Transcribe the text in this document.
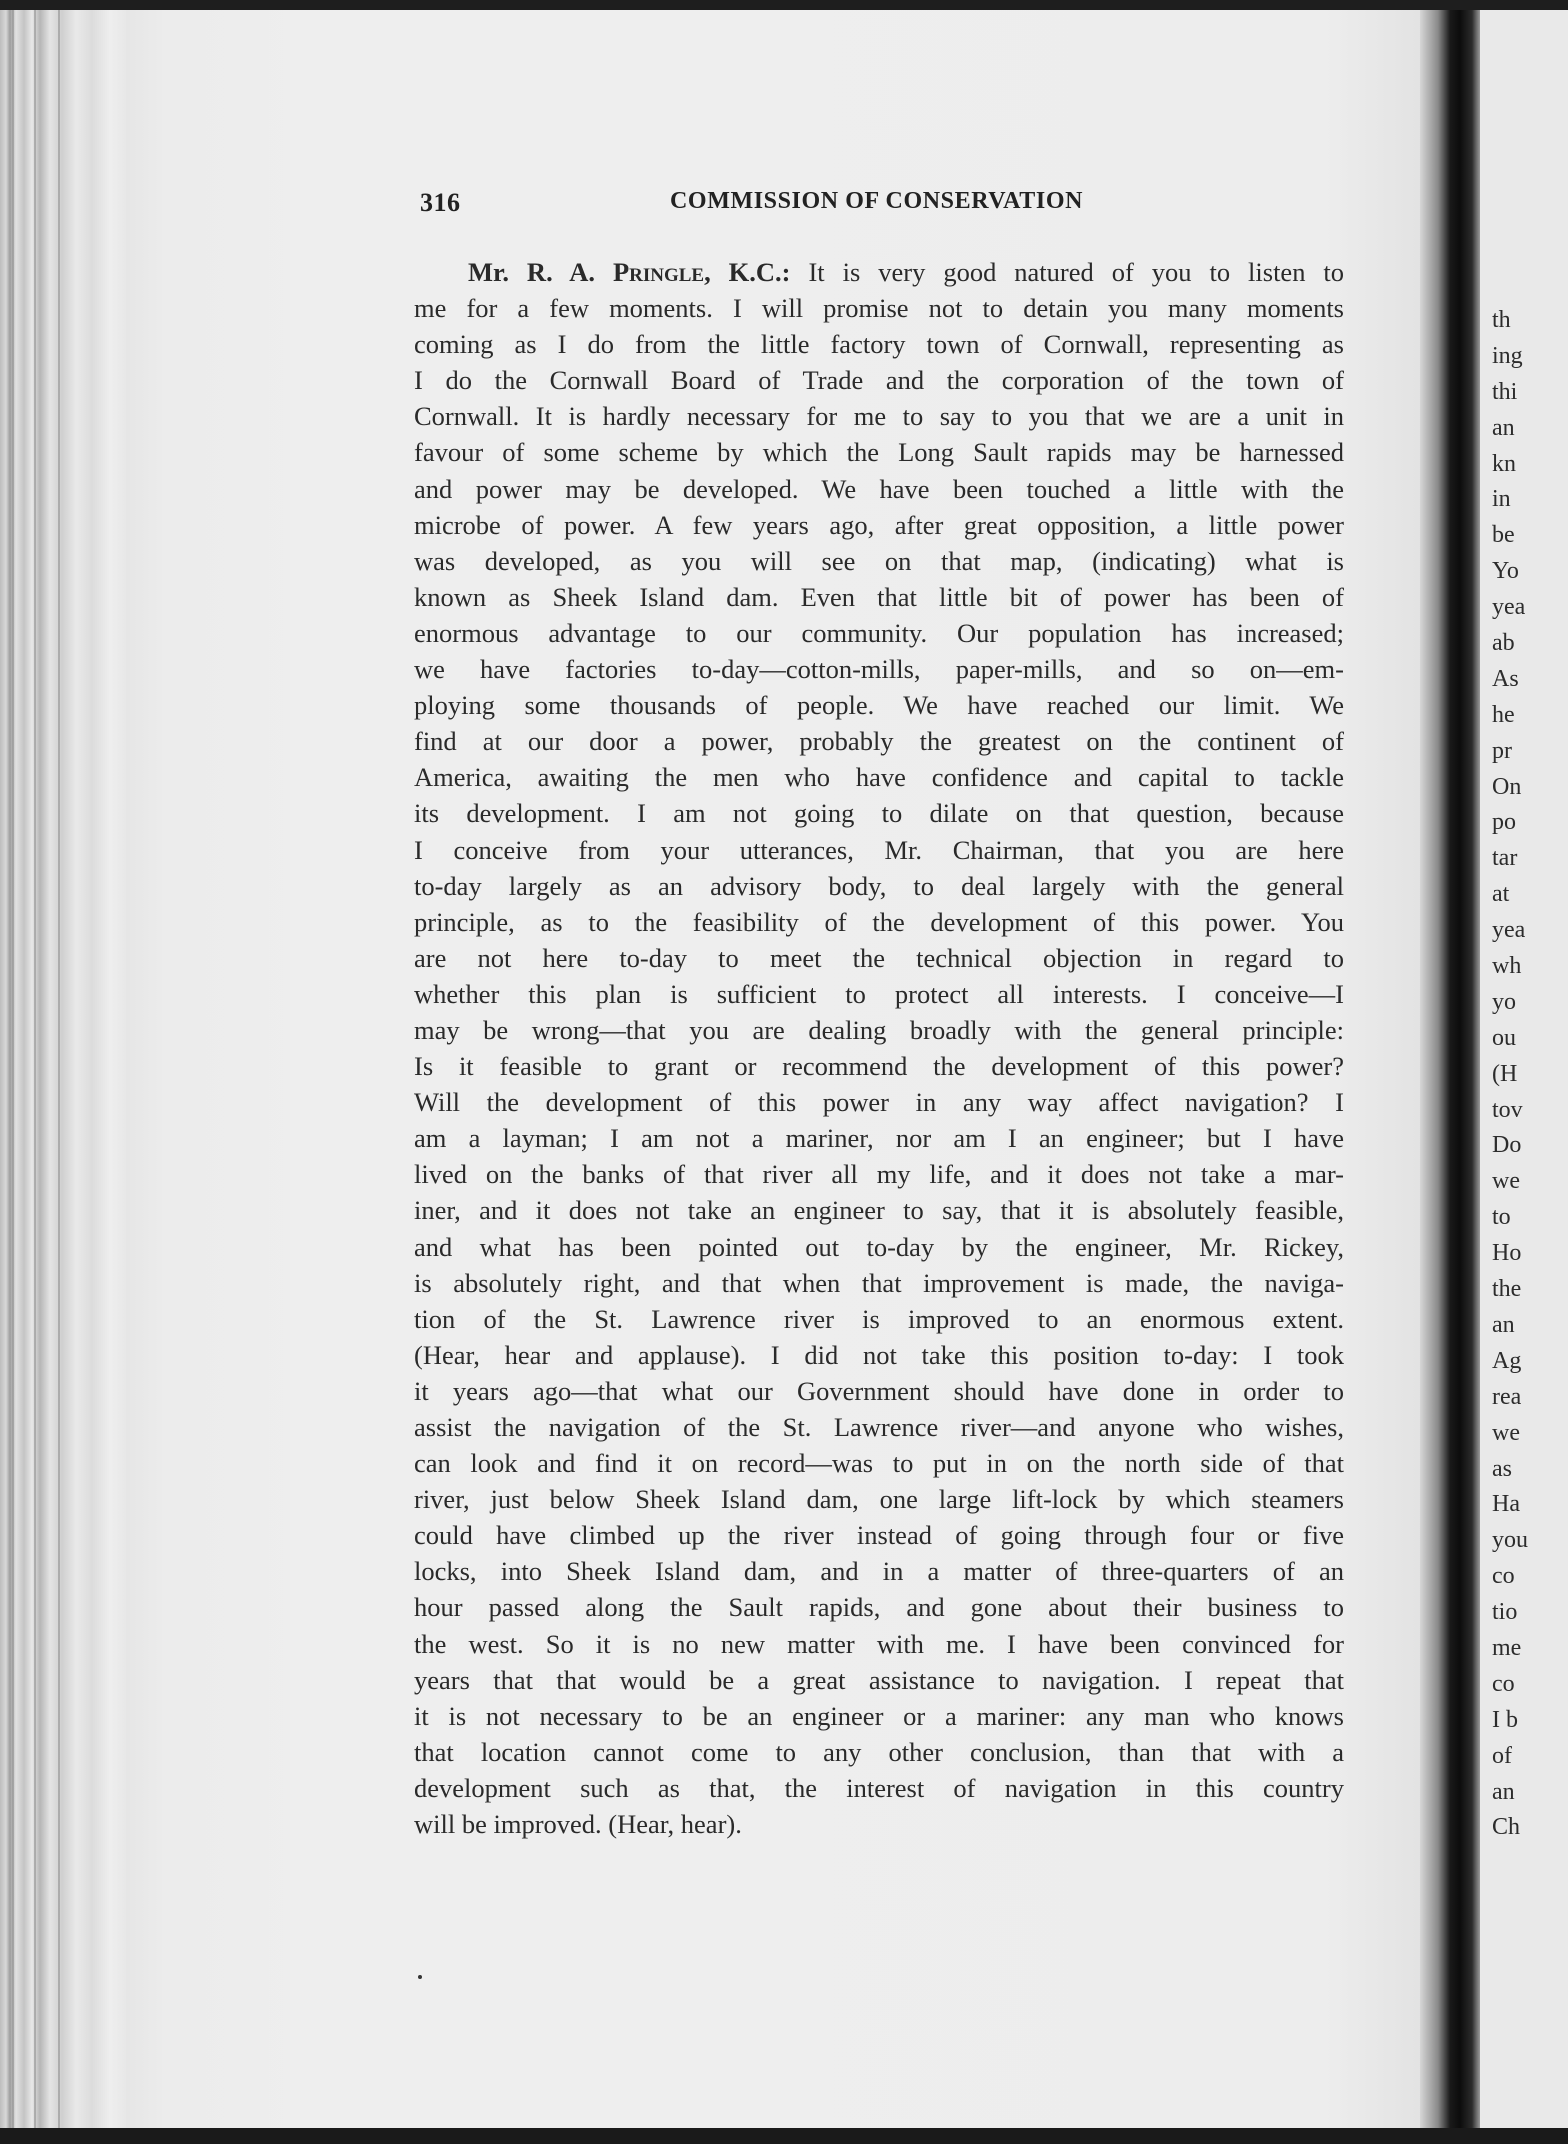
316	COMMISSION OF CONSERVATION
Mr. R. A. Pringle, K.C.: It is very good natured of you to listen to
me for a few moments. I will promise not to detain you many moments
coming as I do from the little factory town of Cornwall, representing as
I do the Cornwall Board of Trade and the corporation of the town of
Cornwall. It is hardly necessary for me to say to you that we are a unit in
favour of some scheme by which the Long Sault rapids may be harnessed
and power may be developed. We have been touched a little with the
microbe of power. A few years ago, after great opposition, a little power
was developed, as you will see on that map, (indicating) what is
known as Sheek Island dam. Even that little bit of power has been of
enormous advantage to our community. Our population has increased;
we have factories to-day—cotton-mills, paper-mills, and so on—em-
ploying some thousands of people. We have reached our limit. We
find at our door a power, probably the greatest on the continent of
America, awaiting the men who have confidence and capital to tackle
its development. I am not going to dilate on that question, because
I conceive from your utterances, Mr. Chairman, that you are here
to-day largely as an advisory body, to deal largely with the general
principle, as to the feasibility of the development of this power. You
are not here to-day to meet the technical objection in regard to
whether this plan is sufficient to protect all interests. I conceive—I
may be wrong—that you are dealing broadly with the general principle:
Is it feasible to grant or recommend the development of this power?
Will the development of this power in any way affect navigation? I
am a layman; I am not a mariner, nor am I an engineer; but I have
lived on the banks of that river all my life, and it does not take a mar-
iner, and it does not take an engineer to say, that it is absolutely feasible,
and what has been pointed out to-day by the engineer, Mr. Rickey,
is absolutely right, and that when that improvement is made, the naviga-
tion of the St. Lawrence river is improved to an enormous extent.
(Hear, hear and applause). I did not take this position to-day: I took
it years ago—that what our Government should have done in order to
assist the navigation of the St. Lawrence river—and anyone who wishes,
can look and find it on record—was to put in on the north side of that
river, just below Sheek Island dam, one large lift-lock by which steamers
could have climbed up the river instead of going through four or five
locks, into Sheek Island dam, and in a matter of three-quarters of an
hour passed along the Sault rapids, and gone about their business to
the west. So it is no new matter with me. I have been convinced for
years that that would be a great assistance to navigation. I repeat that
it is not necessary to be an engineer or a mariner: any man who knows
that location cannot come to any other conclusion, than that with a
development such as that, the interest of navigation in this country
will be improved. (Hear, hear).
th
ing
thi
an
kn
in
be
Yo
yea
ab
As
he
pr
On
po
tar
at
yea
wh
yo
ou
(H
tov
Do
we
to
Ho
the
an
Ag
rea
we
as
Ha
you
co
tio
me
co
I b
of
an
Ch
